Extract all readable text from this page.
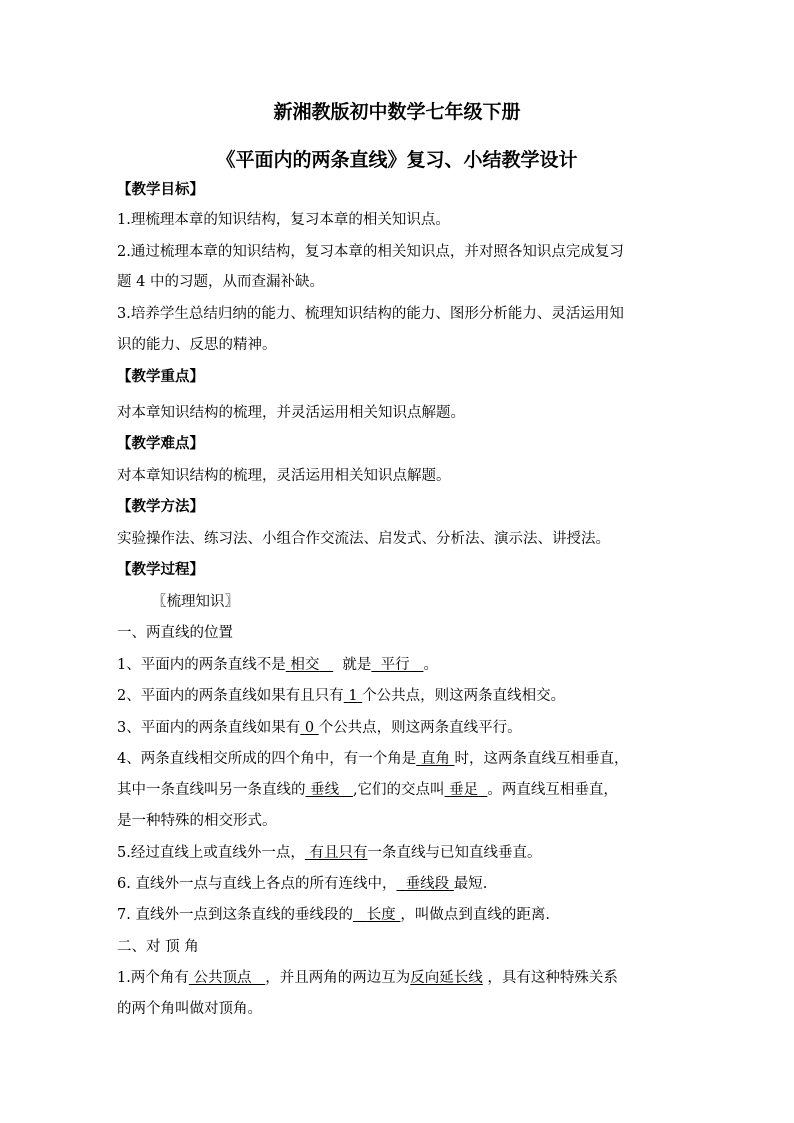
新湘教版初中数学七年级下册
《平面内的两条直线》复习、小结教学设计
【教学目标】
1.理梳理本章的知识结构，复习本章的相关知识点。
2.通过梳理本章的知识结构，复习本章的相关知识点，并对照各知识点完成复习
题 4 中的习题，从而查漏补缺。
3.培养学生总结归纳的能力、梳理知识结构的能力、图形分析能力、灵活运用知
识的能力、反思的精神。
【教学重点】
对本章知识结构的梳理，并灵活运用相关知识点解题。
【教学难点】
对本章知识结构的梳理，灵活运用相关知识点解题。
【教学方法】
实验操作法、练习法、小组合作交流法、启发式、分析法、演示法、讲授法。
【教学过程】
〖梳理知识〗
一、两直线的位置
1、平面内的两条直线不是 相交 就是 平行 。
2、平面内的两条直线如果有且只有 1 个公共点，则这两条直线相交。
3、平面内的两条直线如果有 0 个公共点，则这两条直线平行。
4、两条直线相交所成的四个角中，有一个角是 直角 时，这两条直线互相垂直，
其中一条直线叫另一条直线的 垂线 ,它们的交点叫 垂足 。两直线互相垂直，
是一种特殊的相交形式。
5.经过直线上或直线外一点， 有且只有一条直线与已知直线垂直。
6. 直线外一点与直线上各点的所有连线中， 垂线段 最短.
7. 直线外一点到这条直线的垂线段的 长度 ，叫做点到直线的距离.
二、对 顶 角
1.两个角有 公共顶点 ，并且两角的两边互为反向延长线 ，具有这种特殊关系
的两个角叫做对顶角。
